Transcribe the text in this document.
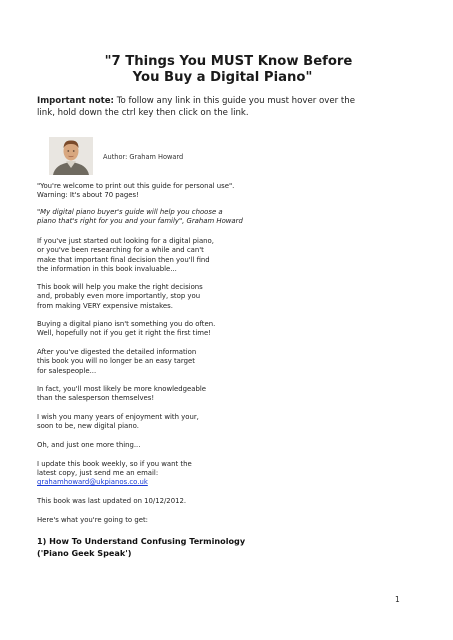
"7 Things You MUST Know Before
You Buy a Digital Piano"
Important note: To follow any link in this guide you must hover over the link, hold down the ctrl key then click on the link.
Author: Graham Howard

"You're welcome to print out this guide for personal use".
Warning: It's about 70 pages!

"My digital piano buyer's guide will help you choose a
piano that's right for you and your family", Graham Howard

If you've just started out looking for a digital piano,
or you've been researching for a while and can't
make that important final decision then you'll find
the information in this book invaluable...

This book will help you make the right decisions
and, probably even more importantly, stop you
from making VERY expensive mistakes.

Buying a digital piano isn't something you do often.
Well, hopefully not if you get it right the first time!

After you've digested the detailed information
this book you will no longer be an easy target
for salespeople...

In fact, you'll most likely be more knowledgeable
than the salesperson themselves!

I wish you many years of enjoyment with your,
soon to be, new digital piano.

Oh, and just one more thing...

I update this book weekly, so if you want the
latest copy, just send me an email:

grahamhoward@ukpianos.co.uk

This book was last updated on 10/12/2012.

Here's what you're going to get:

1) How To Understand Confusing Terminology
('Piano Geek Speak')
1
